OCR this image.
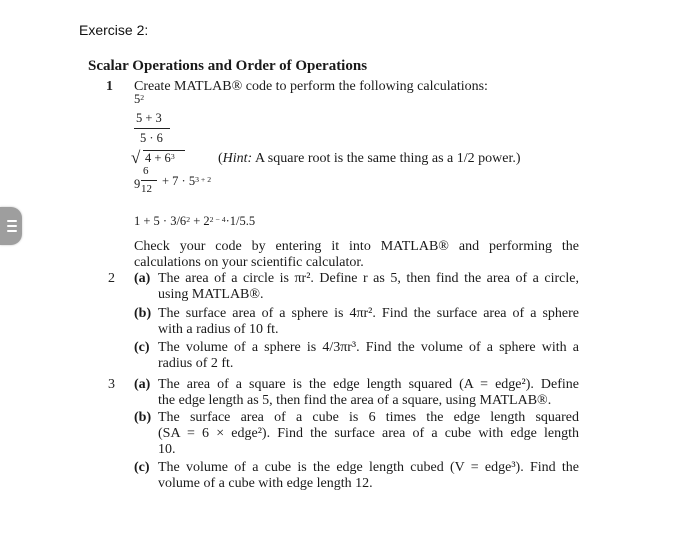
Exercise 2:
Scalar Operations and Order of Operations
1 Create MATLAB® code to perform the following calculations:
$5^2$
5 + 3
5 · 6
√ $4 + 6^3$	(Hint: A square root is the same thing as a 1/2 power.)
9
6
12
+ $7 \cdot 5^{3 + 2}$
$1 + 5 \cdot 3/6^2 + 2^{2 - 4}\cdot 1/5.5$
Check your code by entering it into MATLAB® and performing the
calculations on your scientific calculator.
2 (a) The area of a circle is πr². Define r as 5, then find the area of a circle,
using MATLAB®.
(b) The surface area of a sphere is 4πr². Find the surface area of a sphere
with a radius of 10 ft.
(c) The volume of a sphere is 4/3πr³. Find the volume of a sphere with a
radius of 2 ft.
3 (a) The area of a square is the edge length squared (A = edge²). Define
the edge length as 5, then find the area of a square, using MATLAB®.
(b) The surface area of a cube is 6 times the edge length squared
(SA = 6 × edge²). Find the surface area of a cube with edge length
10.
(c) The volume of a cube is the edge length cubed (V = edge³). Find the
volume of a cube with edge length 12.
